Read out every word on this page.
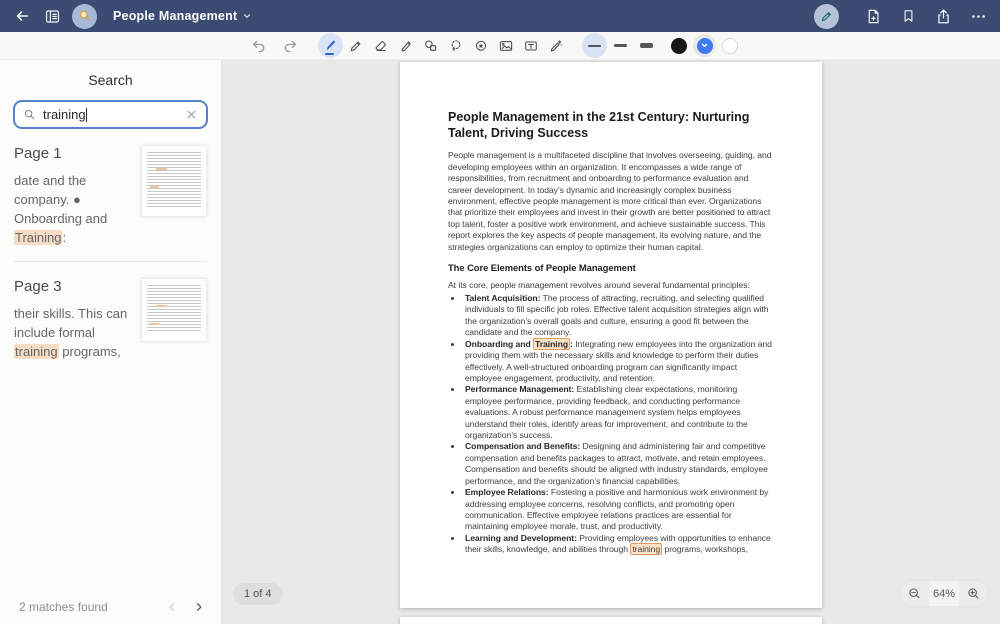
People Management
Search
training
Page 1
date and the company. ● Onboarding and Training:
Page 3
their skills. This can include formal training programs,
2 matches found
People Management in the 21st Century: Nurturing Talent, Driving Success

People management is a multifaceted discipline that involves overseeing, guiding, and developing employees within an organization. It encompasses a wide range of responsibilities, from recruitment and onboarding to performance evaluation and career development. In today’s dynamic and increasingly complex business environment, effective people management is more critical than ever. Organizations that prioritize their employees and invest in their growth are better positioned to attract top talent, foster a positive work environment, and achieve sustainable success. This report explores the key aspects of people management, its evolving nature, and the strategies organizations can employ to optimize their human capital.

The Core Elements of People Management

At its core, people management revolves around several fundamental principles:

• Talent Acquisition: The process of attracting, recruiting, and selecting qualified individuals to fill specific job roles. Effective talent acquisition strategies align with the organization’s overall goals and culture, ensuring a good fit between the candidate and the company.
• Onboarding and Training : Integrating new employees into the organization and providing them with the necessary skills and knowledge to perform their duties effectively. A well-structured onboarding program can significantly impact employee engagement, productivity, and retention.
• Performance Management: Establishing clear expectations, monitoring employee performance, providing feedback, and conducting performance evaluations. A robust performance management system helps employees understand their roles, identify areas for improvement, and contribute to the organization’s success.
• Compensation and Benefits: Designing and administering fair and competitive compensation and benefits packages to attract, motivate, and retain employees. Compensation and benefits should be aligned with industry standards, employee performance, and the organization’s financial capabilities.
• Employee Relations: Fostering a positive and harmonious work environment by addressing employee concerns, resolving conflicts, and promoting open communication. Effective employee relations practices are essential for maintaining employee morale, trust, and productivity.
• Learning and Development: Providing employees with opportunities to enhance their skills, knowledge, and abilities through training programs, workshops,
1 of 4	64%
